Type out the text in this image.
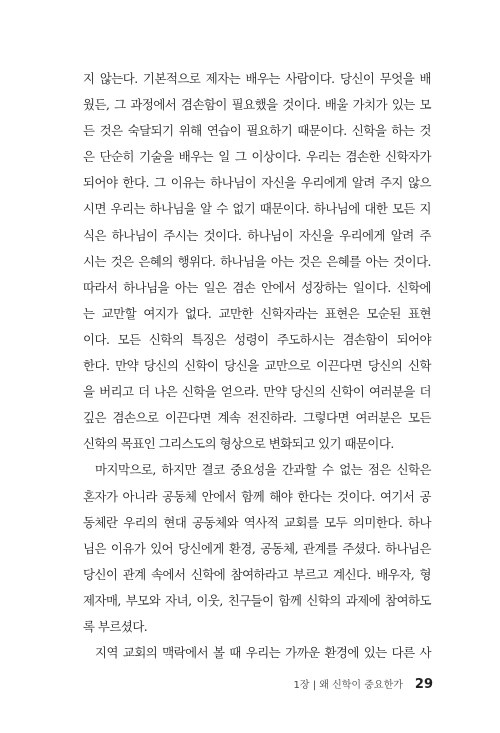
지 않는다. 기본적으로 제자는 배우는 사람이다. 당신이 무엇을 배
웠든, 그 과정에서 겸손함이 필요했을 것이다. 배울 가치가 있는 모
든 것은 숙달되기 위해 연습이 필요하기 때문이다. 신학을 하는 것
은 단순히 기술을 배우는 일 그 이상이다. 우리는 겸손한 신학자가
되어야 한다. 그 이유는 하나님이 자신을 우리에게 알려 주지 않으
시면 우리는 하나님을 알 수 없기 때문이다. 하나님에 대한 모든 지
식은 하나님이 주시는 것이다. 하나님이 자신을 우리에게 알려 주
시는 것은 은혜의 행위다. 하나님을 아는 것은 은혜를 아는 것이다.
따라서 하나님을 아는 일은 겸손 안에서 성장하는 일이다. 신학에
는 교만할 여지가 없다. 교만한 신학자라는 표현은 모순된 표현
이다. 모든 신학의 특징은 성령이 주도하시는 겸손함이 되어야
한다. 만약 당신의 신학이 당신을 교만으로 이끈다면 당신의 신학
을 버리고 더 나은 신학을 얻으라. 만약 당신의 신학이 여러분을 더
깊은 겸손으로 이끈다면 계속 전진하라. 그렇다면 여러분은 모든
신학의 목표인 그리스도의 형상으로 변화되고 있기 때문이다.
마지막으로, 하지만 결코 중요성을 간과할 수 없는 점은 신학은
혼자가 아니라 공동체 안에서 함께 해야 한다는 것이다. 여기서 공
동체란 우리의 현대 공동체와 역사적 교회를 모두 의미한다. 하나
님은 이유가 있어 당신에게 환경, 공동체, 관계를 주셨다. 하나님은
당신이 관계 속에서 신학에 참여하라고 부르고 계신다. 배우자, 형
제자매, 부모와 자녀, 이웃, 친구들이 함께 신학의 과제에 참여하도
록 부르셨다.
지역 교회의 맥락에서 볼 때 우리는 가까운 환경에 있는 다른 사
1장 | 왜 신학이 중요한가 29
